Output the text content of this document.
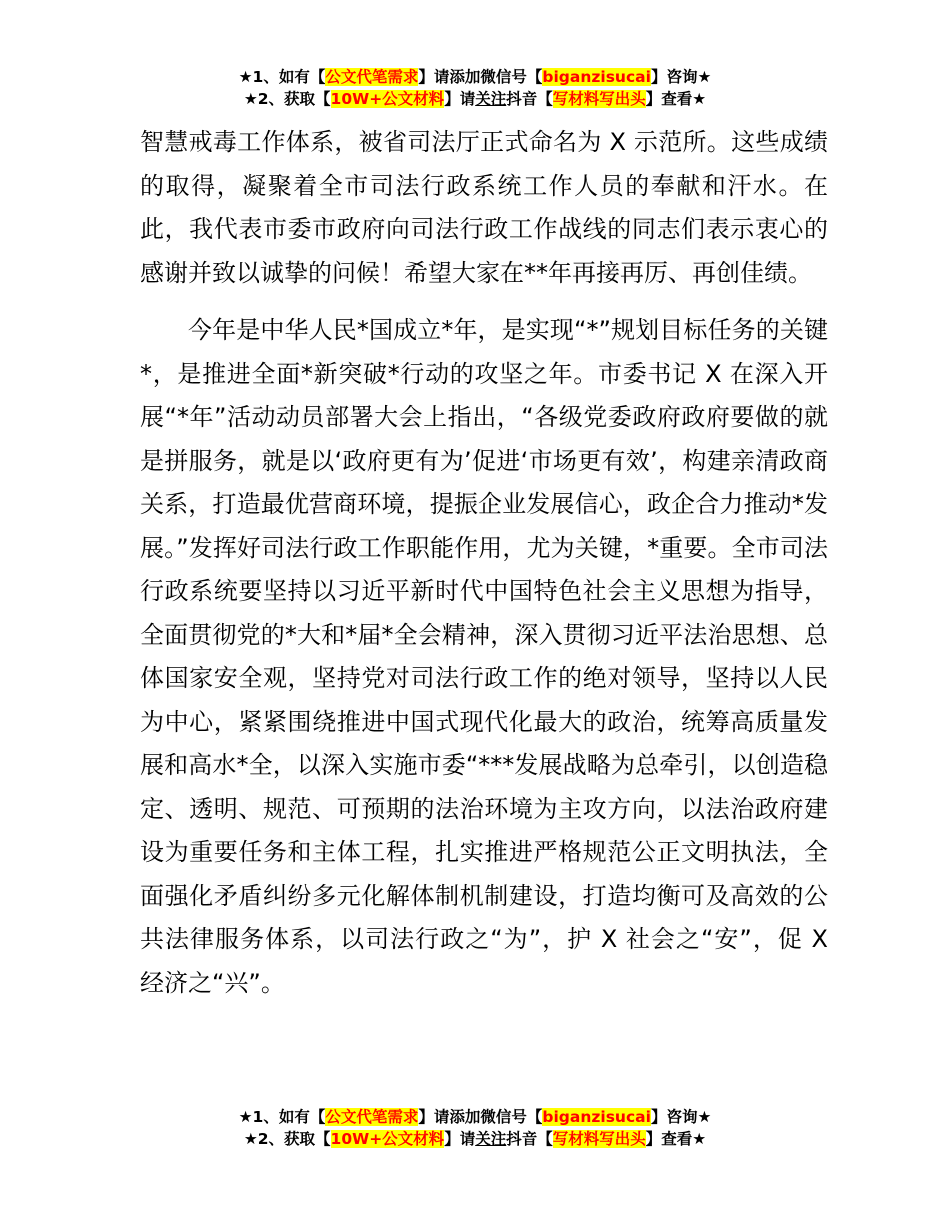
★1、如有【公文代笔需求】请添加微信号【biganzisucai】咨询★
★2、获取【10W+公文材料】请关注抖音【写材料写出头】查看★

智慧戒毒工作体系，被省司法厅正式命名为 X 示范所。这些成绩的取得，凝聚着全市司法行政系统工作人员的奉献和汗水。在此，我代表市委市政府向司法行政工作战线的同志们表示衷心的感谢并致以诚挚的问候！希望大家在**年再接再厉、再创佳绩。

今年是中华人民*国成立*年，是实现“*”规划目标任务的关键*，是推进全面*新突破*行动的攻坚之年。市委书记 X 在深入开展“*年”活动动员部署大会上指出，“各级党委政府政府要做的就是拼服务，就是以‘政府更有为’促进‘市场更有效’，构建亲清政商关系，打造最优营商环境，提振企业发展信心，政企合力推动*发展。”发挥好司法行政工作职能作用，尤为关键，*重要。全市司法行政系统要坚持以习近平新时代中国特色社会主义思想为指导，全面贯彻党的*大和*届*全会精神，深入贯彻习近平法治思想、总体国家安全观，坚持党对司法行政工作的绝对领导，坚持以人民为中心，紧紧围绕推进中国式现代化最大的政治，统筹高质量发展和高水*全，以深入实施市委“***发展战略为总牵引，以创造稳定、透明、规范、可预期的法治环境为主攻方向，以法治政府建设为重要任务和主体工程，扎实推进严格规范公正文明执法，全面强化矛盾纠纷多元化解体制机制建设，打造均衡可及高效的公共法律服务体系，以司法行政之“为”，护 X 社会之“安”，促 X 经济之“兴”。

★1、如有【公文代笔需求】请添加微信号【biganzisucai】咨询★
★2、获取【10W+公文材料】请关注抖音【写材料写出头】查看★
